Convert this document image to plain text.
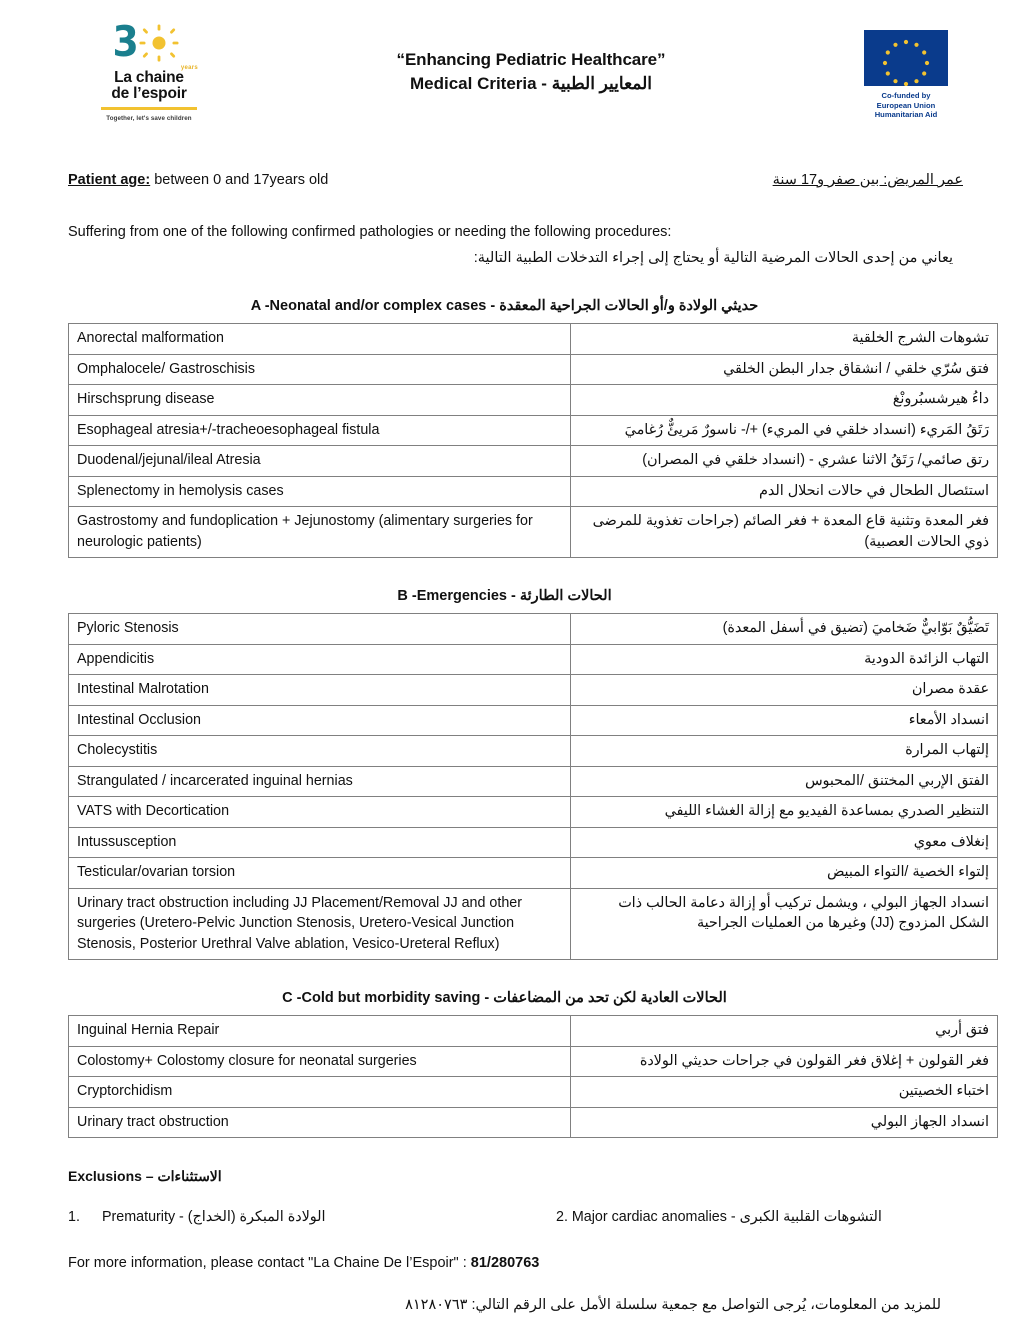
3
years
La chaine
de l’espoir
Together, let's save children
“Enhancing Pediatric Healthcare”
Medical Criteria - المعايير الطبية
Co-funded by
European Union
Humanitarian Aid
Patient age: between 0 and 17years old	عمر المريض: بين صفر و17 سنة
Suffering from one of the following confirmed pathologies or needing the following procedures:
يعاني من إحدى الحالات المرضية التالية أو يحتاج إلى إجراء التدخلات الطبية التالية:
A -Neonatal and/or complex cases - حديثي الولادة و/أو الحالات الجراحية المعقدة
Anorectal malformation	تشوهات الشرج الخلقية
Omphalocele/ Gastroschisis	فتق سُرّي خلقي / انشقاق جدار البطن الخلقي
Hirschsprung disease	داءُ هيرشسبُرونْغ
Esophageal atresia+/-tracheoesophageal fistula	رَتَقُ المَريء (انسداد خلقي في المريء) +/- ناسورٌ مَريئٌّ رُغاميَ
Duodenal/jejunal/ileal Atresia	رتق صائمي/ رَتَقُ الاثنا عشري - (انسداد خلقي في المصران)
Splenectomy in hemolysis cases	استئصال الطحال في حالات انحلال الدم
Gastrostomy and fundoplication + Jejunostomy (alimentary surgeries for neurologic patients)	فغر المعدة وتثنية قاع المعدة + فغر الصائم (جراحات تغذوية للمرضى ذوي الحالات العصبية)
B -Emergencies - الحالات الطارئة
Pyloric Stenosis	تَضَيُّقٌ بَوّابيٌّ ضَخاميَ (تضيق في أسفل المعدة)
Appendicitis	التهاب الزائدة الدودية
Intestinal Malrotation	عقدة مصران
Intestinal Occlusion	انسداد الأمعاء
Cholecystitis	إلتهاب المرارة
Strangulated / incarcerated inguinal hernias	الفتق الإربي المختنق /المحبوس
VATS with Decortication	التنظير الصدري بمساعدة الفيديو مع إزالة الغشاء الليفي
Intussusception	إنغلاف معوي
Testicular/ovarian torsion	إلتواء الخصية /التواء المبيض
Urinary tract obstruction including JJ Placement/Removal JJ and other surgeries (Uretero-Pelvic Junction Stenosis, Uretero-Vesical Junction Stenosis, Posterior Urethral Valve ablation, Vesico-Ureteral Reflux)	انسداد الجهاز البولي ، ويشمل تركيب أو إزالة دعامة الحالب ذات الشكل المزدوج (JJ) وغيرها من العمليات الجراحية
C -Cold but morbidity saving - الحالات العادية لكن تحد من المضاعفات
Inguinal Hernia Repair	فتق أربي
Colostomy+ Colostomy closure for neonatal surgeries	فغر القولون + إغلاق فغر القولون في جراحات حديثي الولادة
Cryptorchidism	اختباء الخصيتين
Urinary tract obstruction	انسداد الجهاز البولي
Exclusions – الاستثناءات
1.	Prematurity - الولادة المبكرة (الخداج)	2. Major cardiac anomalies - التشوهات القلبية الكبرى
For more information, please contact "La Chaine De l’Espoir" : 81/280763
للمزيد من المعلومات، يُرجى التواصل مع جمعية سلسلة الأمل على الرقم التالي: ٨١٢٨٠٧٦٣
